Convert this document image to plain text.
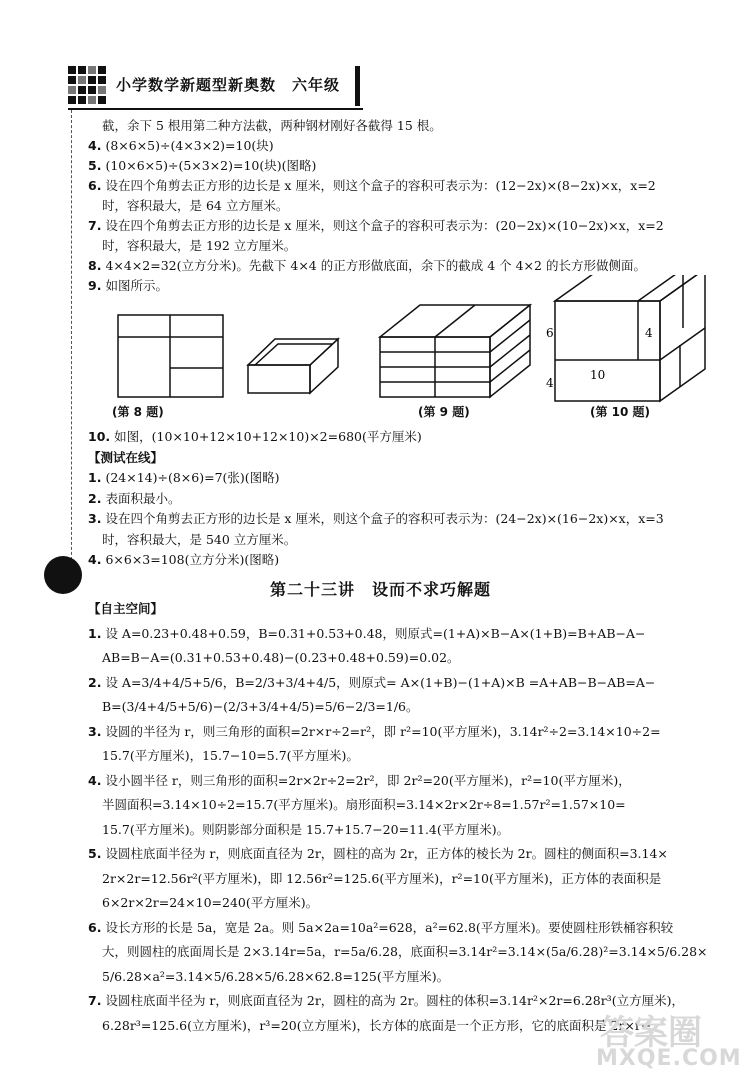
小学数学新题型新奥数　六年级
截，余下 5 根用第二种方法截，两种钢材刚好各截得 15 根。
4. (8×6×5)÷(4×3×2)=10(块)
5. (10×6×5)÷(5×3×2)=10(块)(图略)
6. 设在四个角剪去正方形的边长是 x 厘米，则这个盒子的容积可表示为：(12−2x)×(8−2x)×x，x=2
时，容积最大，是 64 立方厘米。
7. 设在四个角剪去正方形的边长是 x 厘米，则这个盒子的容积可表示为：(20−2x)×(10−2x)×x，x=2
时，容积最大，是 192 立方厘米。
8. 4×4×2=32(立方分米)。先截下 4×4 的正方形做底面，余下的截成 4 个 4×2 的长方形做侧面。
9. 如图所示。
6	4
4
10
(第 8 题)	(第 9 题)	(第 10 题)
10. 如图，(10×10+12×10+12×10)×2=680(平方厘米)
【测试在线】
1. (24×14)÷(8×6)=7(张)(图略)
2. 表面积最小。
3. 设在四个角剪去正方形的边长是 x 厘米，则这个盒子的容积可表示为：(24−2x)×(16−2x)×x，x=3
时，容积最大，是 540 立方厘米。
4. 6×6×3=108(立方分米)(图略)
第二十三讲　设而不求巧解题
【自主空间】
1. 设 A=0.23+0.48+0.59，B=0.31+0.53+0.48，则原式=(1+A)×B−A×(1+B)=B+AB−A−
AB=B−A=(0.31+0.53+0.48)−(0.23+0.48+0.59)=0.02。
2. 设 A=3/4+4/5+5/6，B=2/3+3/4+4/5，则原式= A×(1+B)−(1+A)×B =A+AB−B−AB=A−
B=(3/4+4/5+5/6)−(2/3+3/4+4/5)=5/6−2/3=1/6。
3. 设圆的半径为 r，则三角形的面积=2r×r÷2=r²，即 r²=10(平方厘米)，3.14r²÷2=3.14×10÷2=
15.7(平方厘米)，15.7−10=5.7(平方厘米)。
4. 设小圆半径 r，则三角形的面积=2r×2r÷2=2r²，即 2r²=20(平方厘米)，r²=10(平方厘米)，
半圆面积=3.14×10÷2=15.7(平方厘米)。扇形面积=3.14×2r×2r÷8=1.57r²=1.57×10=
15.7(平方厘米)。则阴影部分面积是 15.7+15.7−20=11.4(平方厘米)。
5. 设圆柱底面半径为 r，则底面直径为 2r，圆柱的高为 2r，正方体的棱长为 2r。圆柱的侧面积=3.14×
2r×2r=12.56r²(平方厘米)，即 12.56r²=125.6(平方厘米)，r²=10(平方厘米)，正方体的表面积是
6×2r×2r=24×10=240(平方厘米)。
6. 设长方形的长是 5a，宽是 2a。则 5a×2a=10a²=628，a²=62.8(平方厘米)。要使圆柱形铁桶容积较
大，则圆柱的底面周长是 2×3.14r=5a，r=5a/6.28，底面积=3.14r²=3.14×(5a/6.28)²=3.14×5/6.28×
5/6.28×a²=3.14×5/6.28×5/6.28×62.8=125(平方厘米)。
7. 设圆柱底面半径为 r，则底面直径为 2r，圆柱的高为 2r。圆柱的体积=3.14r²×2r=6.28r³(立方厘米)，
6.28r³=125.6(立方厘米)，r³=20(立方厘米)，长方体的底面是一个正方形，它的底面积是 2r×r÷
答案圈
MXQE.COM
